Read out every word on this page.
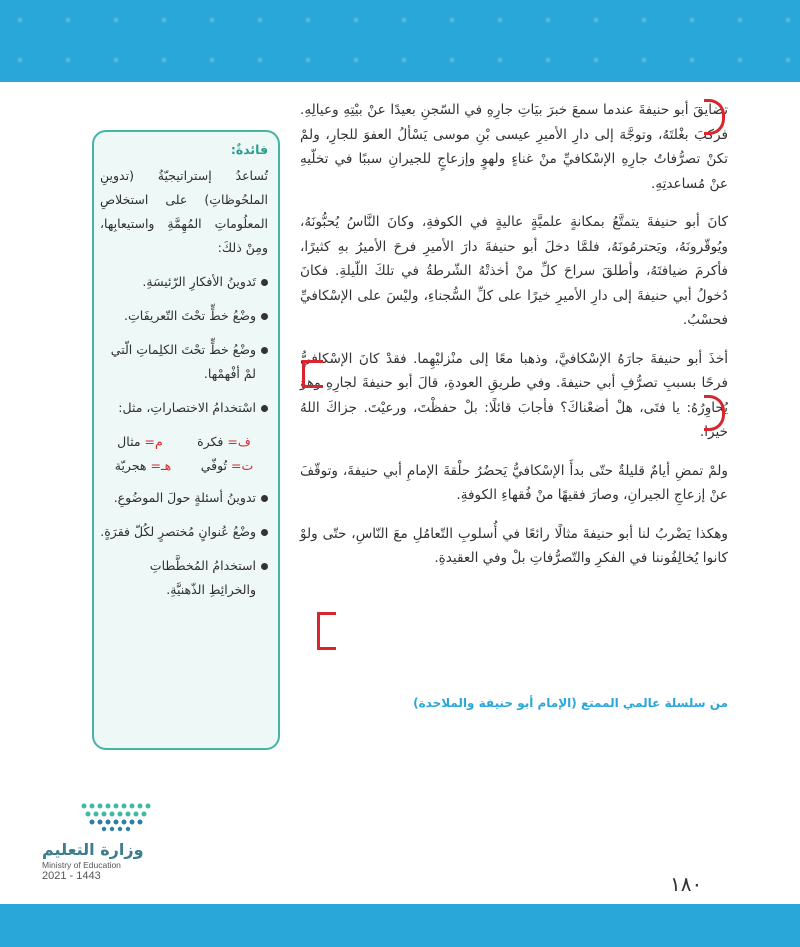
تضايقَ أبو حنيفةَ عندما سمعَ خبرَ بيَاتِ جارِهِ في السّجنِ بعيدًا عنْ بيْتِهِ وعيالِهِ. فركبَ بغْلتَهُ، وتوجَّهَ إلى دارِ الأميرِ عيسى بْنِ موسى يَسْألُ العفوَ للجارِ، ولمْ تكنْ تصرُّفاتُ جارِهِ الإسْكافيِّ منْ غناءٍ ولهوٍ وإزعاجٍ للجيرانِ سببًا في تخلّيهِ عنْ مُساعدتِهِ.

كانَ أبو حنيفةَ يتمتَّعُ بمكانةٍ علميَّةٍ عاليةٍ في الكوفةِ، وكانَ النَّاسُ يُحبُّونَهُ، ويُوقّرونَهُ، ويَحترمُونَهُ، فلمَّا دخلَ أبو حنيفةَ دارَ الأميرِ فرحَ الأميرُ بهِ كثيرًا، فأكرمَ ضيافتَهُ، وأطلقَ سراحَ كلِّ منْ أخذتْهُ الشّرطةُ في تلكَ اللّيلةِ. فكانَ دُخولُ أبي حنيفةَ إلى دارِ الأميرِ خيرًا على كلِّ السُّجناءِ، وليْسَ على الإسْكافيِّ فحسْبُ.

أخذَ أبو حنيفةَ جارَهُ الإسْكافيَّ، وذهبا معًا إلى منْزليْهِما. فقدْ كانَ الإسْكافيُّ فرحًا بسببِ تصرُّفِ أبي حنيفةَ. وفي طريقِ العودةِ، قالَ أبو حنيفةَ لجارِهِ وهوَ يُحاوِرُهُ: يا فتَى، هلْ أضعْناكَ؟ فأجابَ قائلًا: بلْ حفظْتَ، ورعيْتَ. جزاكَ اللهُ خيرًا.

ولمْ تمضِ أيامٌ قليلةٌ حتّى بدأَ الإسْكافيُّ يَحضُرُ حلْقةَ الإمامِ أبي حنيفةَ، وتوقّفَ عنْ إزعاجِ الجيرانِ، وصارَ فقيهًا منْ فُقهاءِ الكوفةِ.

وهكذا يَضْربُ لنا أبو حنيفةَ مثالًا رائعًا في أُسلوبِ التّعامُلِ معَ النّاسِ، حتّى ولوْ كانوا يُخالِفُوننا في الفكرِ والتّصرُّفاتِ بلْ وفي العقيدةِ.

فائدةٌ:

تُساعدُ إستراتيجيّةُ (تدوينِ الملحُوظاتِ) على استخلاصِ المعلُوماتِ المُهِمَّةِ واستيعابِها، ومِنْ ذلكَ:

تَدوينُ الأفكارِ الرّئيسَةِ.
وضْعُ خطٍّ تحْتَ التّعريفَاتِ.
وضْعُ خطٍّ تحْتَ الكلِماتِ الّتي لمْ أفْهمْها.
اسْتخدامُ الاختصاراتِ، مثل:
ف= فكرة
م= مثال
ت= تُوفّي
هـ= هجريّة
تدوينُ أسئلةٍ حولَ الموضُوعِ.
وضْعُ عُنوانٍ مُختصرٍ لكُلّ فقرَةٍ.
استخدامُ المُخطَّطاتِ والخرائِطِ الذّهنيَّةِ.
من سلسلة عالمي الممتع (الإمام أبو حنيفة والملاحدة)
وزارة التعليم
Ministry of Education
2021 - 1443	١٨٠
